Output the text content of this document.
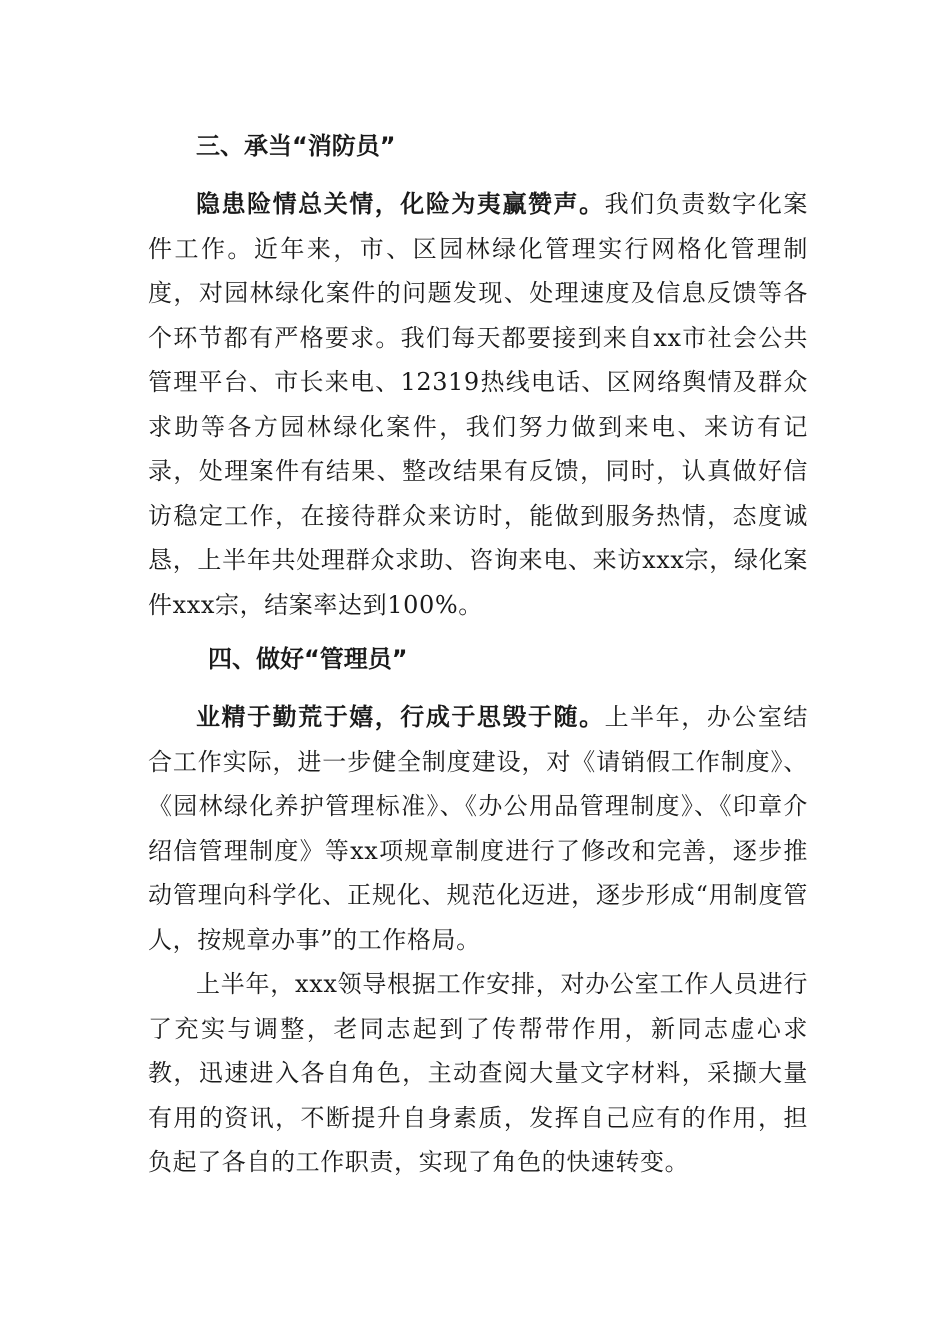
三、承当“消防员”

隐患险情总关情，化险为夷赢赞声。我们负责数字化案件工作。近年来，市、区园林绿化管理实行网格化管理制度，对园林绿化案件的问题发现、处理速度及信息反馈等各个环节都有严格要求。我们每天都要接到来自xx市社会公共管理平台、市长来电、12319热线电话、区网络舆情及群众求助等各方园林绿化案件，我们努力做到来电、来访有记录，处理案件有结果、整改结果有反馈，同时，认真做好信访稳定工作，在接待群众来访时，能做到服务热情，态度诚恳，上半年共处理群众求助、咨询来电、来访xxx宗，绿化案件xxx宗，结案率达到100%。

四、做好“管理员”

业精于勤荒于嬉，行成于思毁于随。上半年，办公室结合工作实际，进一步健全制度建设，对《请销假工作制度》、《园林绿化养护管理标准》、《办公用品管理制度》、《印章介绍信管理制度》等xx项规章制度进行了修改和完善，逐步推动管理向科学化、正规化、规范化迈进，逐步形成“用制度管人，按规章办事”的工作格局。

上半年，xxx领导根据工作安排，对办公室工作人员进行了充实与调整，老同志起到了传帮带作用，新同志虚心求教，迅速进入各自角色，主动查阅大量文字材料，采撷大量有用的资讯，不断提升自身素质，发挥自己应有的作用，担负起了各自的工作职责，实现了角色的快速转变。
